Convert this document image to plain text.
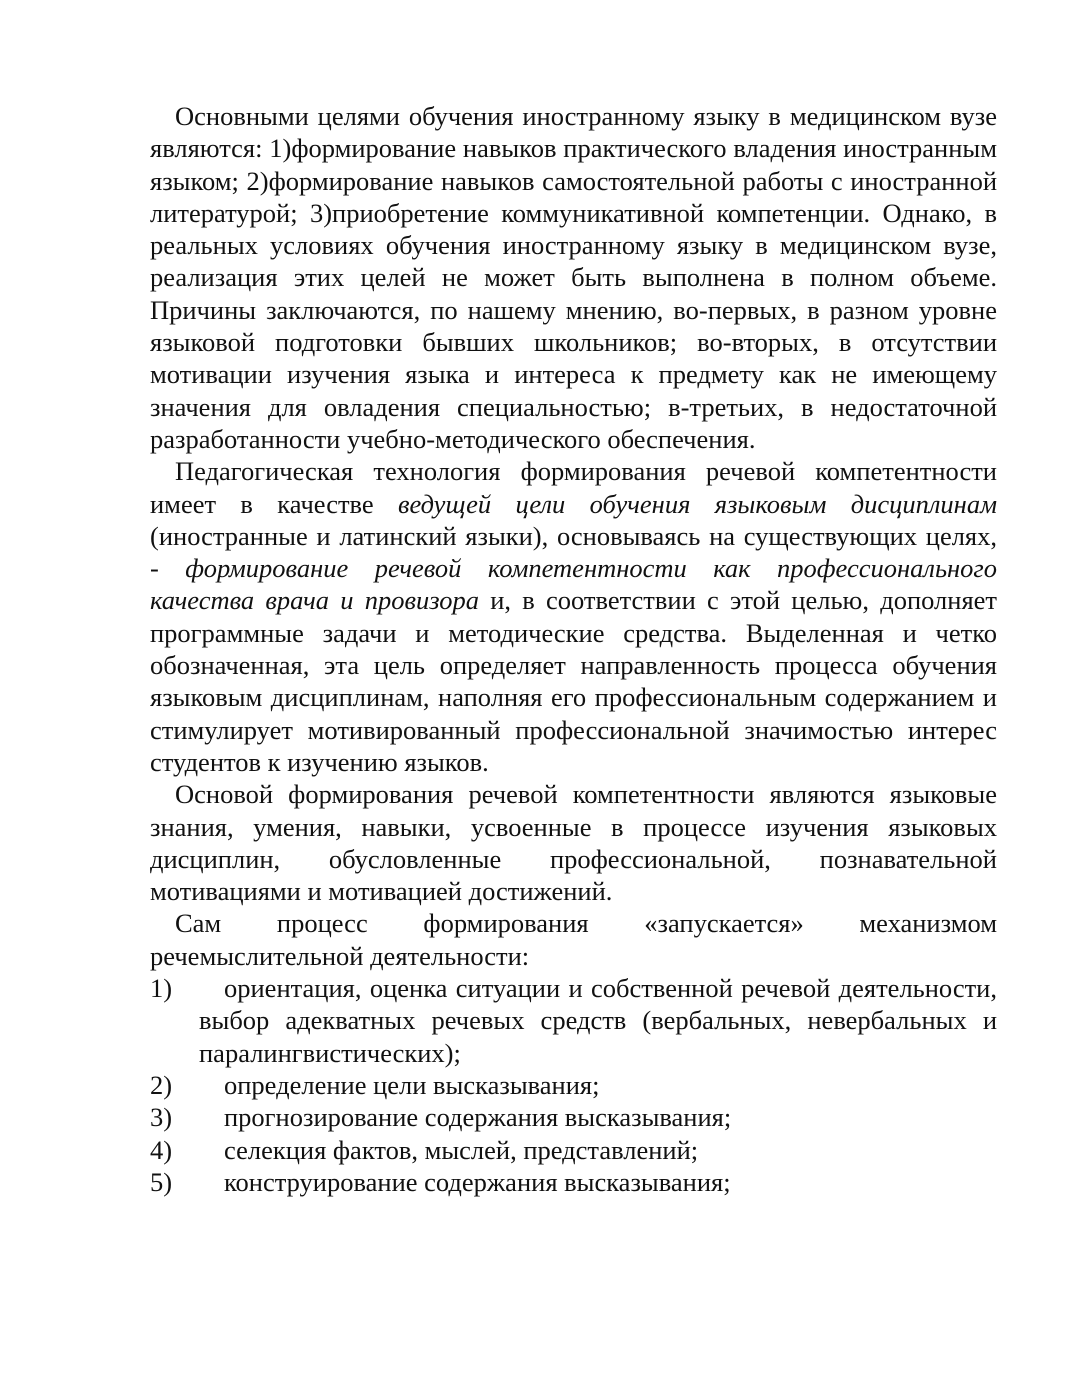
Основными целями обучения иностранному языку в медицинском вузе являются: 1)формирование навыков практического владения иностранным языком; 2)формирование навыков самостоятельной работы с иностранной литературой; 3)приобретение коммуникативной компетенции. Однако, в реальных условиях обучения иностранному языку в медицинском вузе, реализация этих целей не может быть выполнена в полном объеме. Причины заключаются, по нашему мнению, во-первых, в разном уровне языковой подготовки бывших школьников; во-вторых, в отсутствии мотивации изучения языка и интереса к предмету как не имеющему значения для овладения специальностью; в-третьих, в недостаточной разработанности учебно-методического обеспечения.

Педагогическая технология формирования речевой компетентности имеет в качестве ведущей цели обучения языковым дисциплинам (иностранные и латинский языки), основываясь на существующих целях, - формирование речевой компетентности как профессионального качества врача и провизора и, в соответствии с этой целью, дополняет программные задачи и методические средства. Выделенная и четко обозначенная, эта цель определяет направленность процесса обучения языковым дисциплинам, наполняя его профессиональным содержанием и стимулирует мотивированный профессиональной значимостью интерес студентов к изучению языков.

Основой формирования речевой компетентности являются языковые знания, умения, навыки, усвоенные в процессе изучения языковых дисциплин, обусловленные профессиональной, познавательной мотивациями и мотивацией достижений.

Сам процесс формирования «запускается» механизмом речемыслительной деятельности:

1)	ориентация, оценка ситуации и собственной речевой деятельности, выбор адекватных речевых средств (вербальных, невербальных и паралингвистических);
2)	определение цели высказывания;
3)	прогнозирование содержания высказывания;
4)	селекция фактов, мыслей, представлений;
5)	конструирование содержания высказывания;
